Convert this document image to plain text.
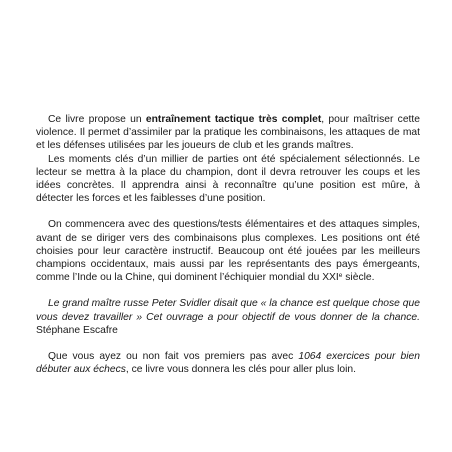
Ce livre propose un entraînement tactique très complet, pour maîtriser cette violence. Il permet d’assimiler par la pratique les combinaisons, les attaques de mat et les défenses utilisées par les joueurs de club et les grands maîtres.

Les moments clés d’un millier de parties ont été spécialement sélectionnés. Le lecteur se mettra à la place du champion, dont il devra retrouver les coups et les idées concrètes. Il apprendra ainsi à reconnaître qu’une position est mûre, à détecter les forces et les faiblesses d’une position.

On commencera avec des questions/tests élémentaires et des attaques simples, avant de se diriger vers des combinaisons plus complexes. Les positions ont été choisies pour leur caractère instructif. Beaucoup ont été jouées par les meilleurs champions occidentaux, mais aussi par les représentants des pays émergeants, comme l’Inde ou la Chine, qui dominent l’échiquier mondial du XXIe siècle.

Le grand maître russe Peter Svidler disait que « la chance est quelque chose que vous devez travailler » Cet ouvrage a pour objectif de vous donner de la chance. Stéphane Escafre

Que vous ayez ou non fait vos premiers pas avec 1064 exercices pour bien débuter aux échecs, ce livre vous donnera les clés pour aller plus loin.
